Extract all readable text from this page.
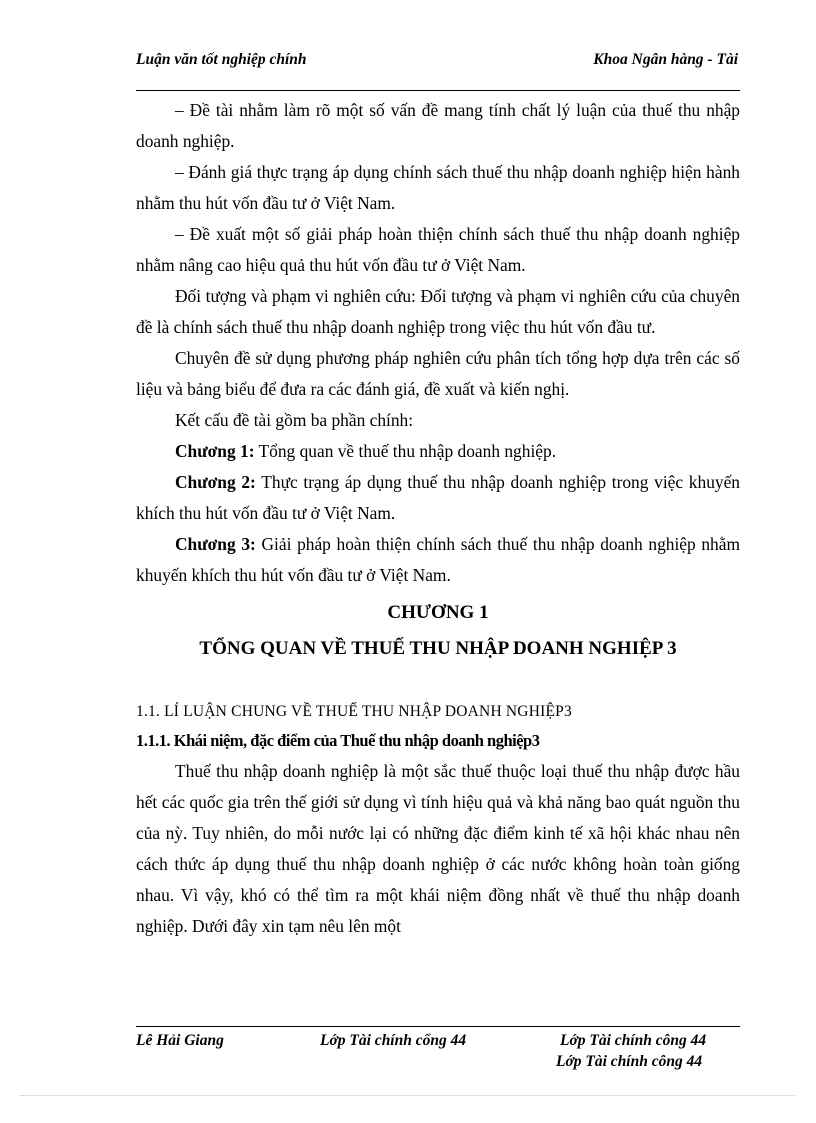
Luận văn tốt nghiệp chính	Khoa Ngân hàng - Tài

– Đề tài nhằm làm rõ một số vấn đề mang tính chất lý luận của thuế thu nhập doanh nghiệp.

– Đánh giá thực trạng áp dụng chính sách thuế thu nhập doanh nghiệp hiện hành nhằm thu hút vốn đầu tư ở Việt Nam.

– Đề xuất một số giải pháp hoàn thiện chính sách thuế thu nhập doanh nghiệp nhằm nâng cao hiệu quả thu hút vốn đầu tư ở Việt Nam.

Đối tượng và phạm vi nghiên cứu: Đối tượng và phạm vi nghiên cứu của chuyên đề là chính sách thuế thu nhập doanh nghiệp trong việc thu hút vốn đầu tư.

Chuyên đề sử dụng phương pháp nghiên cứu phân tích tổng hợp dựa trên các số liệu và bảng biểu để đưa ra các đánh giá, đề xuất và kiến nghị.

Kết cấu đề tài gồm ba phần chính:

Chương 1: Tổng quan về thuế thu nhập doanh nghiệp.

Chương 2: Thực trạng áp dụng thuế thu nhập doanh nghiệp trong việc khuyến khích thu hút vốn đầu tư ở Việt Nam.

Chương 3: Giải pháp hoàn thiện chính sách thuế thu nhập doanh nghiệp nhằm khuyến khích thu hút vốn đầu tư ở Việt Nam.

CHƯƠNG 1

TỔNG QUAN VỀ THUẾ THU NHẬP DOANH NGHIỆP 3

1.1. LÍ LUẬN CHUNG VỀ THUẾ THU NHẬP DOANH NGHIỆP3

1.1.1. Khái niệm, đặc điểm của Thuế thu nhập doanh nghiệp3

Thuế thu nhập doanh nghiệp là một sắc thuế thuộc loại thuế thu nhập được hầu hết các quốc gia trên thế giới sử dụng vì tính hiệu quả và khả năng bao quát nguồn thu của nỳ. Tuy nhiên, do mỗi nước lại có những đặc điểm kinh tế xã hội khác nhau nên cách thức áp dụng thuế thu nhập doanh nghiệp ở các nước không hoàn toàn giống nhau. Vì vậy, khó có thể tìm ra một khái niệm đồng nhất về thuế thu nhập doanh nghiệp. Dưới đây xin tạm nêu lên một

Lê Hải Giang	Lớp Tài chính cổng 44	Lớp Tài chính công 44
Lớp Tài chính công 44
